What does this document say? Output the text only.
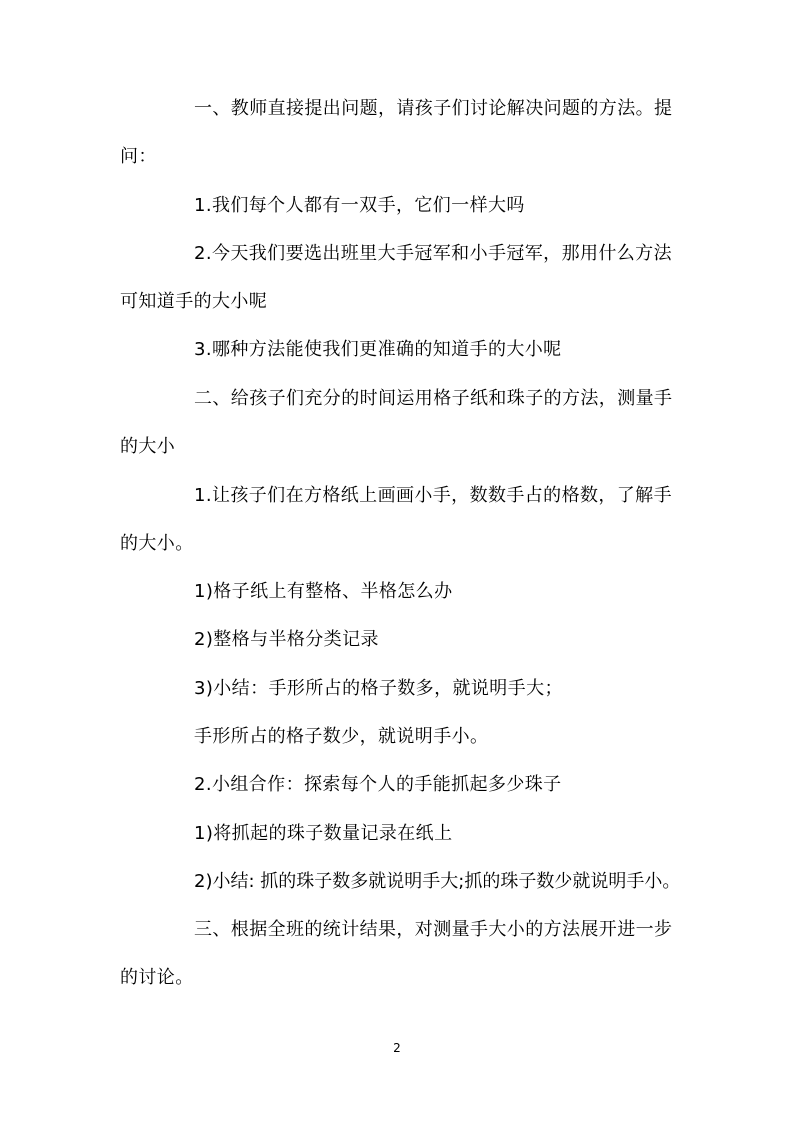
一、教师直接提出问题，请孩子们讨论解决问题的方法。提
问：
1.我们每个人都有一双手，它们一样大吗
2.今天我们要选出班里大手冠军和小手冠军，那用什么方法
可知道手的大小呢
3.哪种方法能使我们更准确的知道手的大小呢
二、给孩子们充分的时间运用格子纸和珠子的方法，测量手
的大小
1.让孩子们在方格纸上画画小手，数数手占的格数，了解手
的大小。
1)格子纸上有整格、半格怎么办
2)整格与半格分类记录
3)小结：手形所占的格子数多，就说明手大；
手形所占的格子数少，就说明手小。
2.小组合作：探索每个人的手能抓起多少珠子
1)将抓起的珠子数量记录在纸上
2)小结: 抓的珠子数多就说明手大;抓的珠子数少就说明手小。
三、根据全班的统计结果，对测量手大小的方法展开进一步
的讨论。
2
